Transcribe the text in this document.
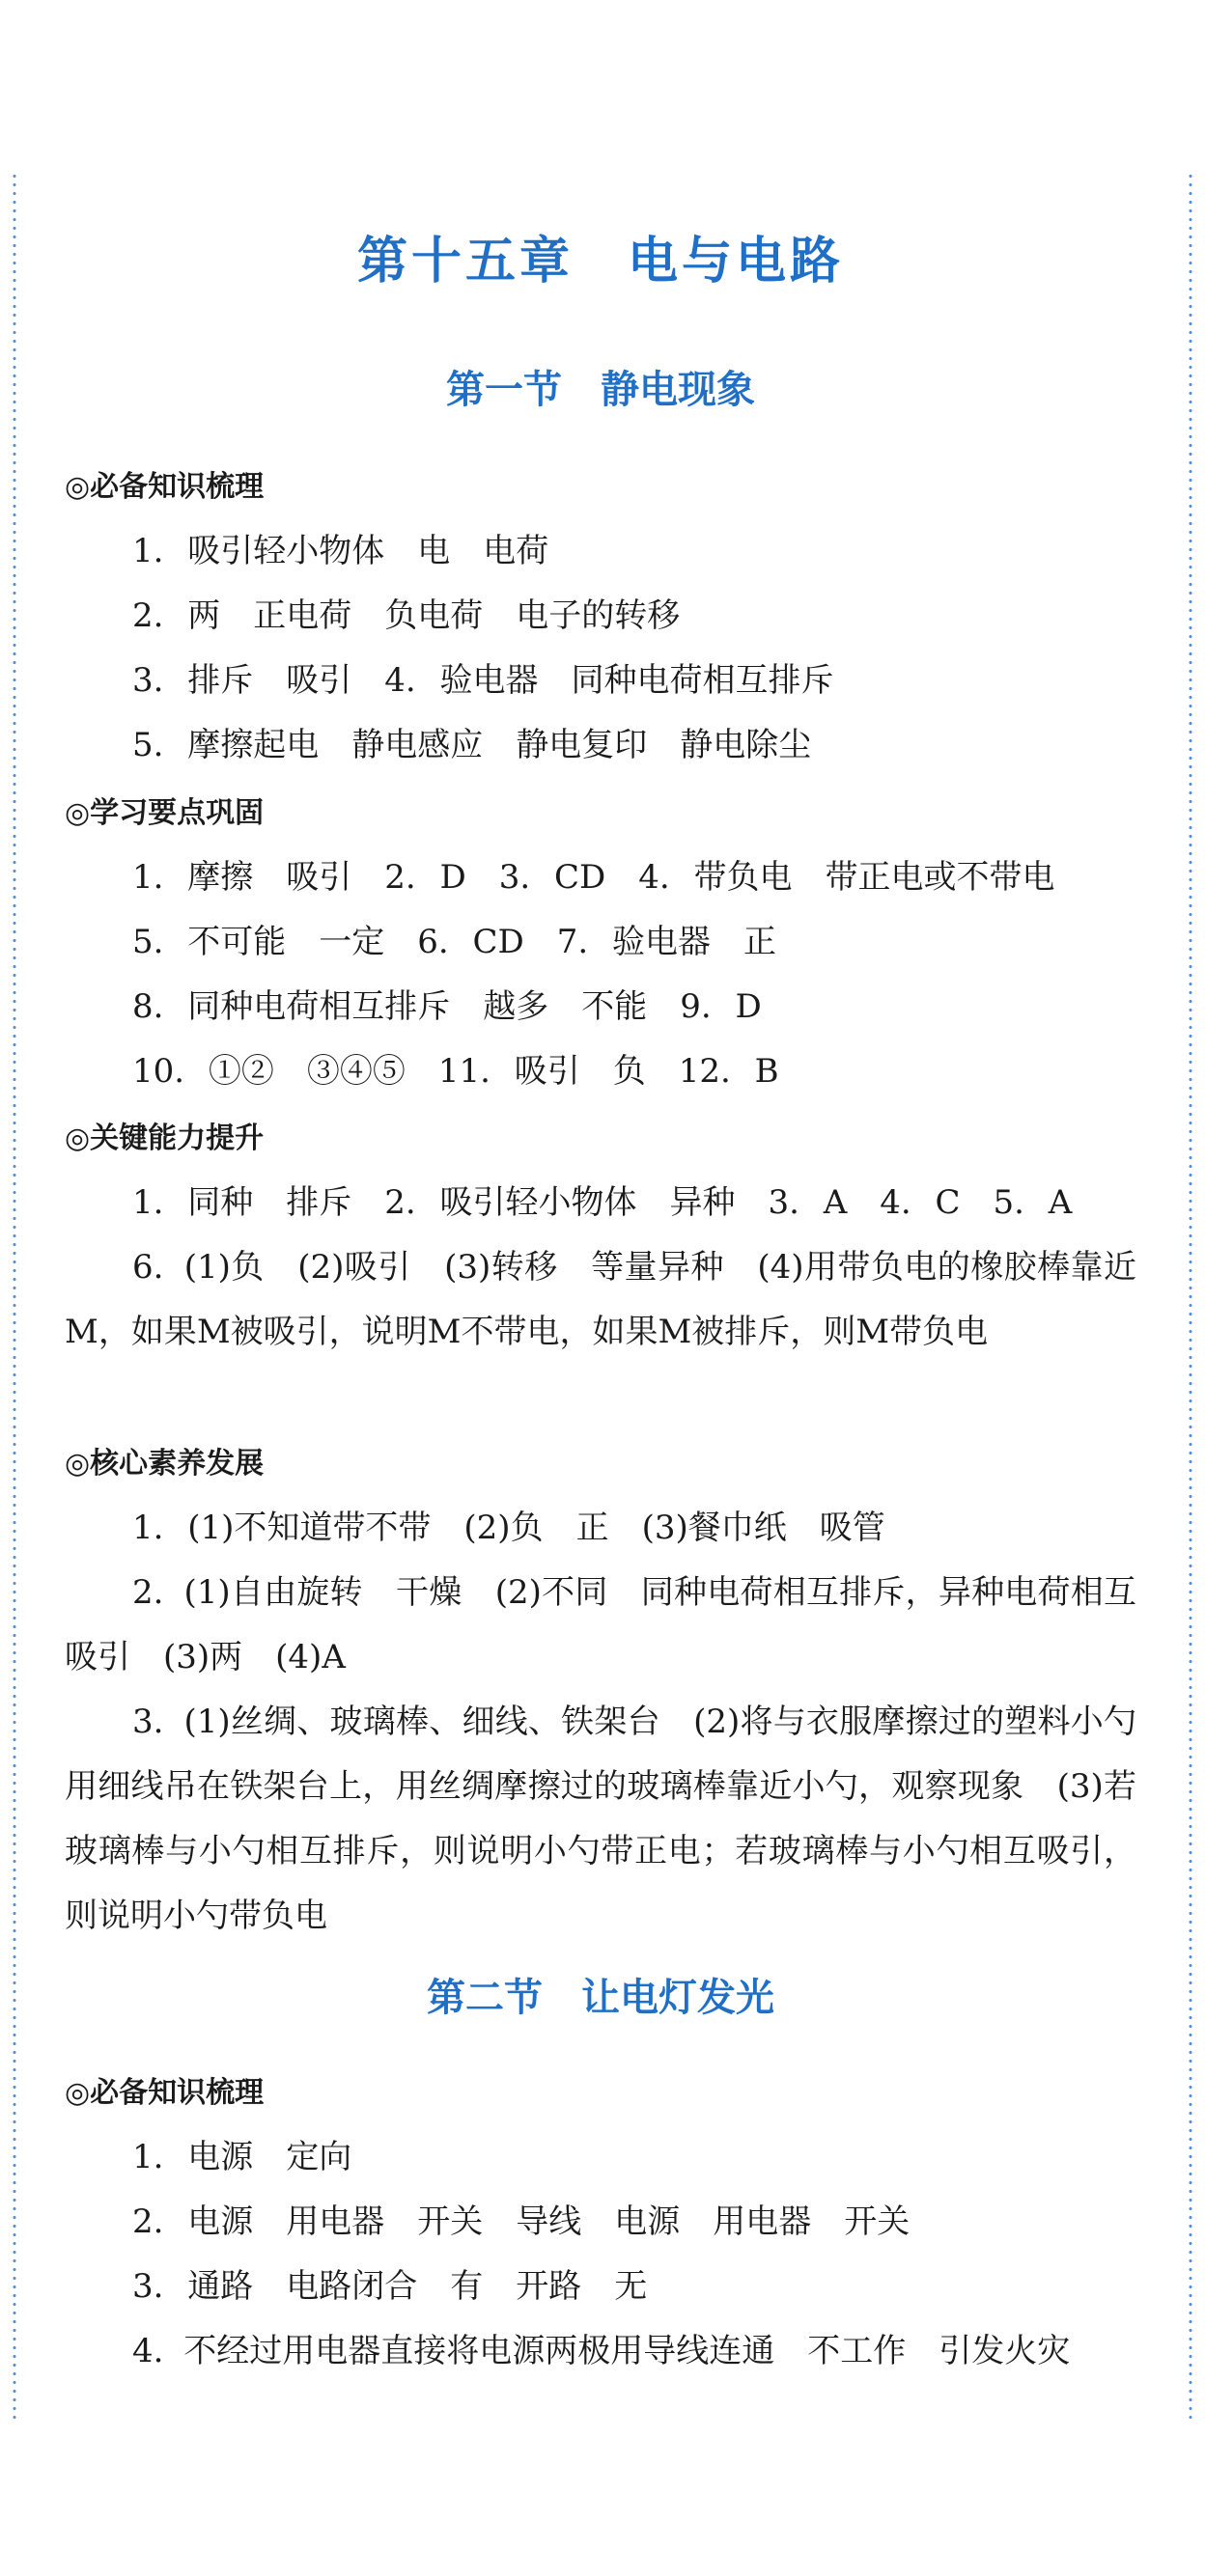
第十五章　电与电路
第一节　静电现象
◎必备知识梳理
1. 吸引轻小物体　电　电荷
2. 两　正电荷　负电荷　电子的转移
3. 排斥　吸引　4. 验电器　同种电荷相互排斥
5. 摩擦起电　静电感应　静电复印　静电除尘
◎学习要点巩固
1. 摩擦　吸引　2. D　3. CD　4. 带负电　带正电或不带电
5. 不可能　一定　6. CD　7. 验电器　正
8. 同种电荷相互排斥　越多　不能　9. D
10. ①②　③④⑤　11. 吸引　负　12. B
◎关键能力提升
1. 同种　排斥　2. 吸引轻小物体　异种　3. A　4. C　5. A
6. (1)负　(2)吸引　(3)转移　等量异种　(4)用带负电的橡胶棒靠近M，如果M被吸引，说明M不带电，如果M被排斥，则M带负电
◎核心素养发展
1. (1)不知道带不带　(2)负　正　(3)餐巾纸　吸管
2. (1)自由旋转　干燥　(2)不同　同种电荷相互排斥，异种电荷相互吸引　(3)两　(4)A
3. (1)丝绸、玻璃棒、细线、铁架台　(2)将与衣服摩擦过的塑料小勺用细线吊在铁架台上，用丝绸摩擦过的玻璃棒靠近小勺，观察现象　(3)若玻璃棒与小勺相互排斥，则说明小勺带正电；若玻璃棒与小勺相互吸引，则说明小勺带负电
第二节　让电灯发光
◎必备知识梳理
1. 电源　定向
2. 电源　用电器　开关　导线　电源　用电器　开关
3. 通路　电路闭合　有　开路　无
4. 不经过用电器直接将电源两极用导线连通　不工作　引发火灾
